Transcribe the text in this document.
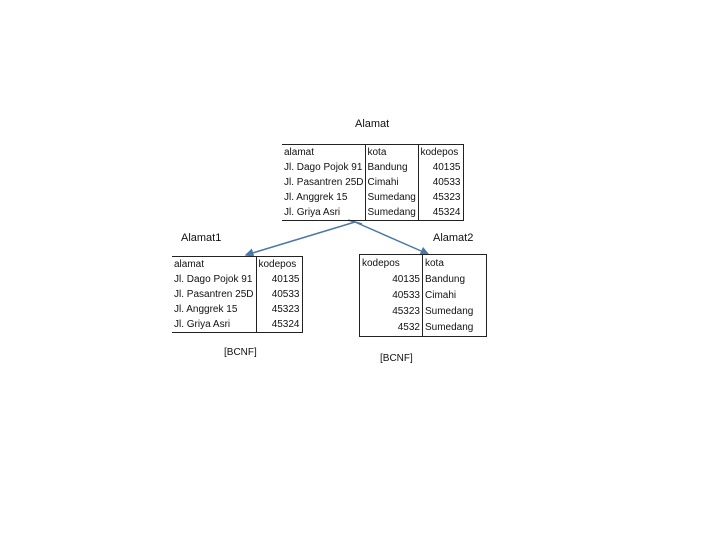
Alamat
alamat	kota	kodepos
Jl. Dago Pojok 91	Bandung	40135
Jl. Pasantren 25D	Cimahi	40533
Jl. Anggrek 15	Sumedang	45323
Jl. Griya Asri	Sumedang	45324
Alamat1
alamat	kodepos
Jl. Dago Pojok 91	40135
Jl. Pasantren 25D	40533
Jl. Anggrek 15	45323
Jl. Griya Asri	45324
[BCNF]
Alamat2
kodepos	kota
40135	Bandung
40533	Cimahi
45323	Sumedang
4532	Sumedang
[BCNF]
